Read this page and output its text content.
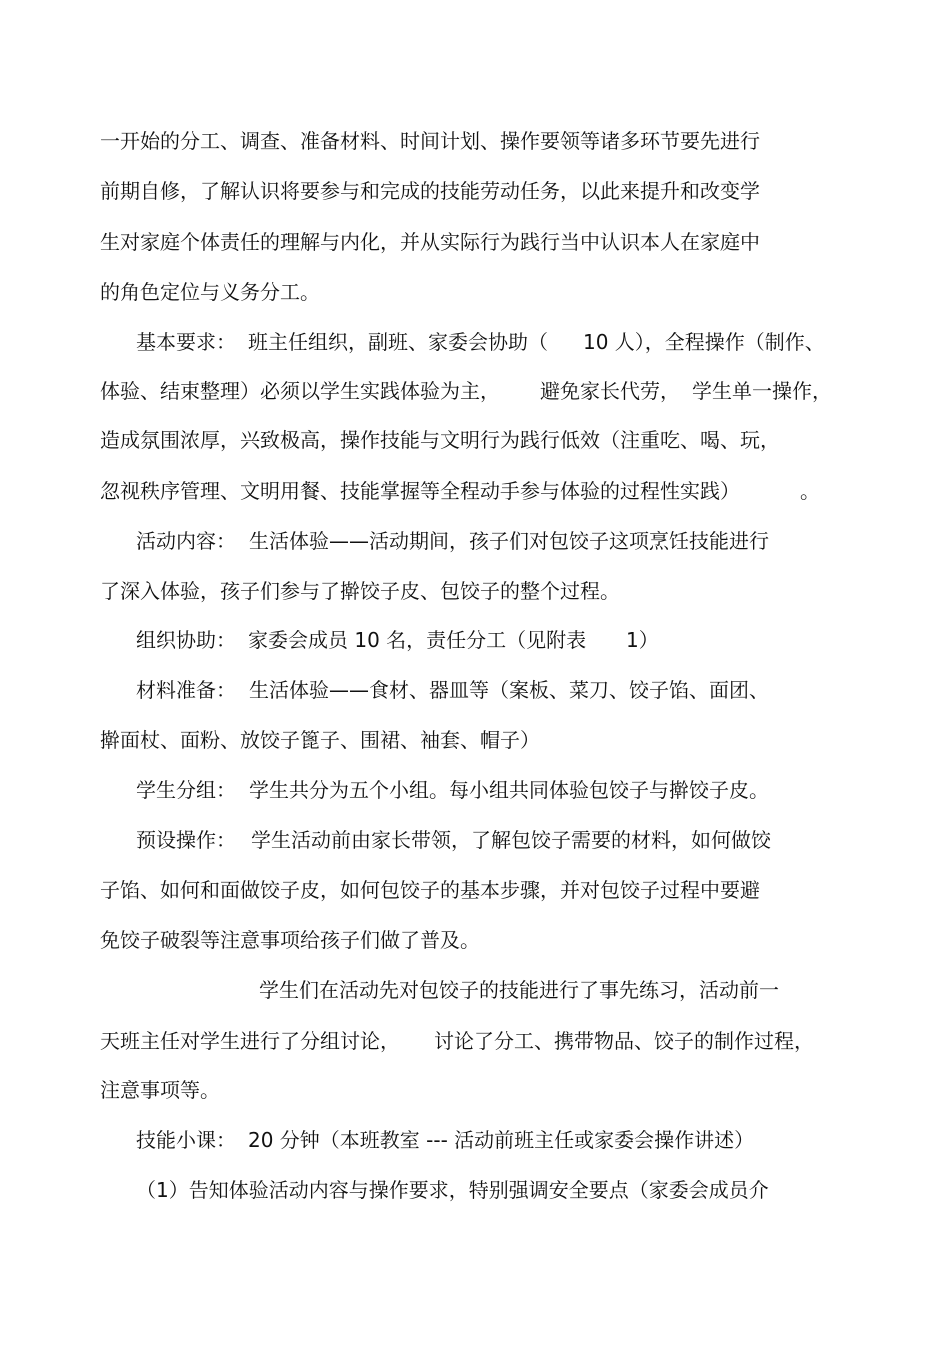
一开始的分工、调查、准备材料、时间计划、操作要领等诸多环节要先进行
前期自修，了解认识将要参与和完成的技能劳动任务，以此来提升和改变学
生对家庭个体责任的理解与内化，并从实际行为践行当中认识本人在家庭中
的角色定位与义务分工。
基本要求： 班主任组织，副班、家委会协助（ 10 人），全程操作（制作、
体验、结束整理）必须以学生实践体验为主， 避免家长代劳， 学生单一操作，
造成氛围浓厚，兴致极高，操作技能与文明行为践行低效（注重吃、喝、玩，
忽视秩序管理、文明用餐、技能掌握等全程动手参与体验的过程性实践）	。
活动内容： 生活体验——活动期间，孩子们对包饺子这项烹饪技能进行
了深入体验，孩子们参与了擀饺子皮、包饺子的整个过程。
组织协助： 家委会成员 10 名，责任分工（见附表 1）
材料准备： 生活体验——食材、器皿等（案板、菜刀、饺子馅、面团、
擀面杖、面粉、放饺子篦子、围裙、袖套、帽子）
学生分组： 学生共分为五个小组。每小组共同体验包饺子与擀饺子皮。
预设操作： 学生活动前由家长带领，了解包饺子需要的材料，如何做饺
子馅、如何和面做饺子皮，如何包饺子的基本步骤，并对包饺子过程中要避
免饺子破裂等注意事项给孩子们做了普及。
学生们在活动先对包饺子的技能进行了事先练习，活动前一
天班主任对学生进行了分组讨论， 讨论了分工、携带物品、饺子的制作过程，
注意事项等。
技能小课： 20 分钟（本班教室 --- 活动前班主任或家委会操作讲述）
（1）告知体验活动内容与操作要求，特别强调安全要点（家委会成员介
